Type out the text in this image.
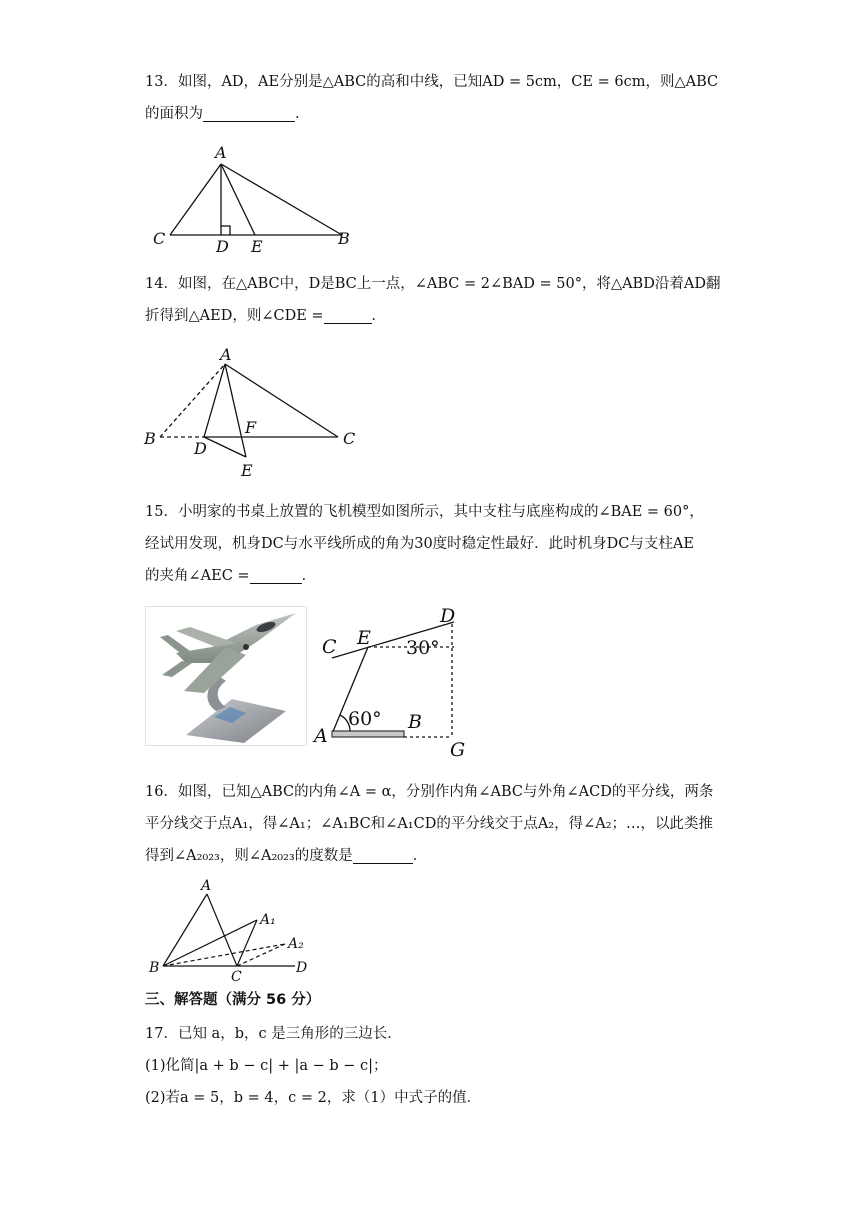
13．如图，AD，AE分别是△ABC的高和中线，已知AD = 5cm，CE = 6cm，则△ABC

的面积为	．

A
C	D E	B

14．如图，在△ABC中，D是BC上一点，∠ABC = 2∠BAD = 50°，将△ABD沿着AD翻

折得到△AED，则∠CDE =	．

A
B	C
D
E
F

15．小明家的书桌上放置的飞机模型如图所示，其中支柱与底座构成的∠BAE = 60°，

经试用发现，机身DC与水平线所成的角为30度时稳定性最好．此时机身DC与支柱AE

的夹角∠AEC =	．

C E
D
30°
60° B
A
G

16．如图，已知△ABC的内角∠A = α，分别作内角∠ABC与外角∠ACD的平分线，两条

平分线交于点A₁，得∠A₁；∠A₁BC和∠A₁CD的平分线交于点A₂，得∠A₂；…，以此类推

得到∠A₂₀₂₃，则∠A₂₀₂₃的度数是	．

A
A₁
A₂
B
C
D
三、解答题（满分 56 分）

17．已知 a，b，c 是三角形的三边长．

(1)化简|a + b − c| + |a − b − c|；

(2)若a = 5，b = 4，c = 2，求（1）中式子的值．
